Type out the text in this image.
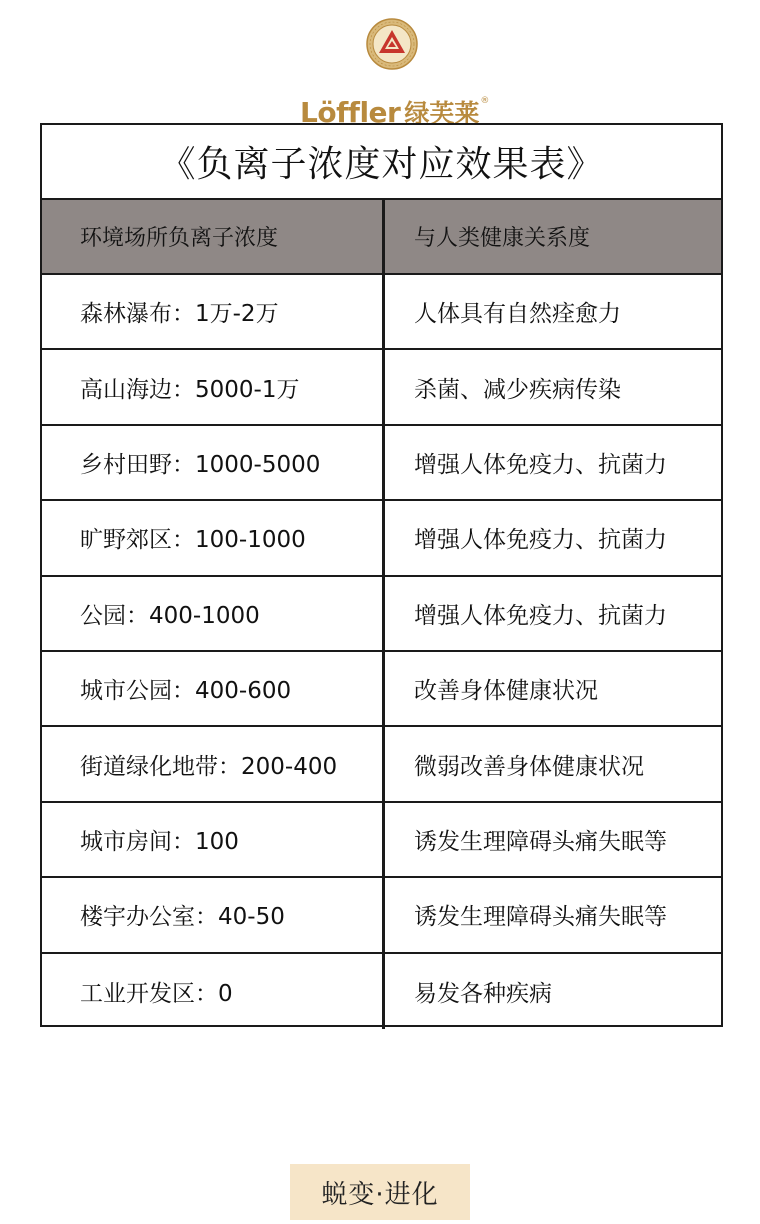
Löffler 绿芙莱 ®
《负离子浓度对应效果表》
环境场所负离子浓度	与人类健康关系度
森林瀑布：1万-2万	人体具有自然痊愈力
高山海边：5000-1万	杀菌、减少疾病传染
乡村田野：1000-5000	增强人体免疫力、抗菌力
旷野郊区：100-1000	增强人体免疫力、抗菌力
公园：400-1000	增强人体免疫力、抗菌力
城市公园：400-600	改善身体健康状况
街道绿化地带：200-400	微弱改善身体健康状况
城市房间：100	诱发生理障碍头痛失眠等
楼宇办公室：40-50	诱发生理障碍头痛失眠等
工业开发区：0	易发各种疾病
蜕变·进化
